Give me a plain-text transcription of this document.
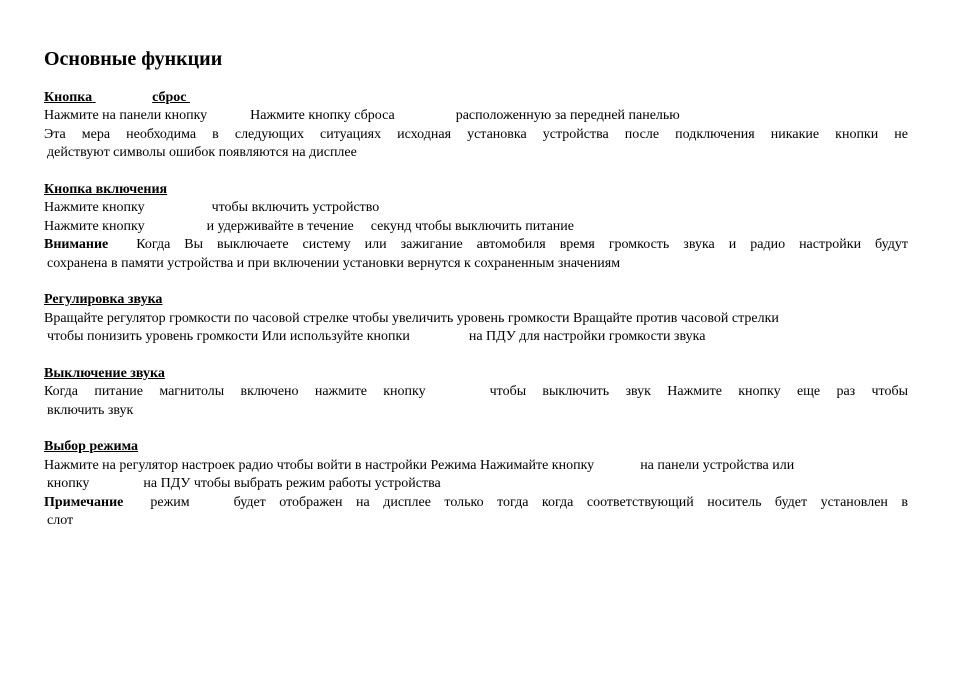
Основные функции
Кнопка	сброс
Нажмите на панели кнопку	Нажмите кнопку сброса	расположенную за передней панелью
Эта мера необходима в следующих ситуациях исходная установка устройства после подключения никакие кнопки не
действуют символы ошибок появляются на дисплее
Кнопка включения
Нажмите кнопку	чтобы включить устройство
Нажмите кнопку	и удерживайте в течение секунд чтобы выключить питание
Внимание Когда Вы выключаете систему или зажигание автомобиля время громкость звука и радио настройки будут
сохранена в памяти устройства и при включении установки вернутся к сохраненным значениям
Регулировка звука
Вращайте регулятор громкости по часовой стрелке чтобы увеличить уровень громкости Вращайте против часовой стрелки
чтобы понизить уровень громкости Или используйте кнопки	на ПДУ для настройки громкости звука
Выключение звука
Когда питание магнитолы включено нажмите кнопку	чтобы выключить звук Нажмите кнопку еще раз чтобы
включить звук
Выбор режима
Нажмите на регулятор настроек радио чтобы войти в настройки Режима Нажимайте кнопку	на панели устройства или
кнопку	на ПДУ чтобы выбрать режим работы устройства
Примечание режим	будет отображен на дисплее только тогда когда соответствующий носитель будет установлен в
слот
